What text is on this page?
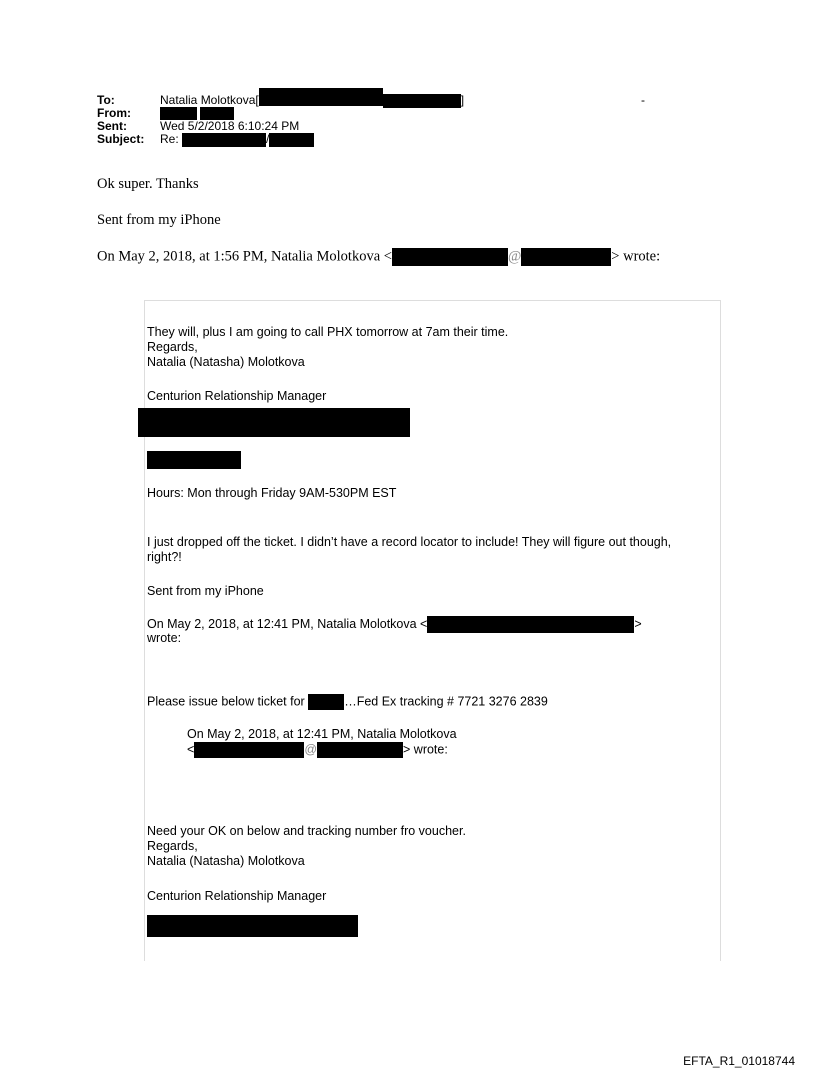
To:	Natalia Molotkova[	]	-
From:

Sent:	Wed 5/2/2018 6:10:24 PM
Subject: Re:	/
Ok super. Thanks
Sent from my iPhone
On May 2, 2018, at 1:56 PM, Natalia Molotkova <	@	> wrote:
They will, plus I am going to call PHX tomorrow at 7am their time.
Regards,
Natalia (Natasha) Molotkova
Centurion Relationship Manager
Hours: Mon through Friday 9AM-530PM EST
I just dropped off the ticket. I didn’t have a record locator to include! They will figure out though, right?!
Sent from my iPhone
On May 2, 2018, at 12:41 PM, Natalia Molotkova <	>
wrote:
Please issue below ticket for	…Fed Ex tracking # 7721 3276 2839
On May 2, 2018, at 12:41 PM, Natalia Molotkova
<	@	> wrote:
Need your OK on below and tracking number fro voucher.
Regards,
Natalia (Natasha) Molotkova
Centurion Relationship Manager
EFTA_R1_01018744
